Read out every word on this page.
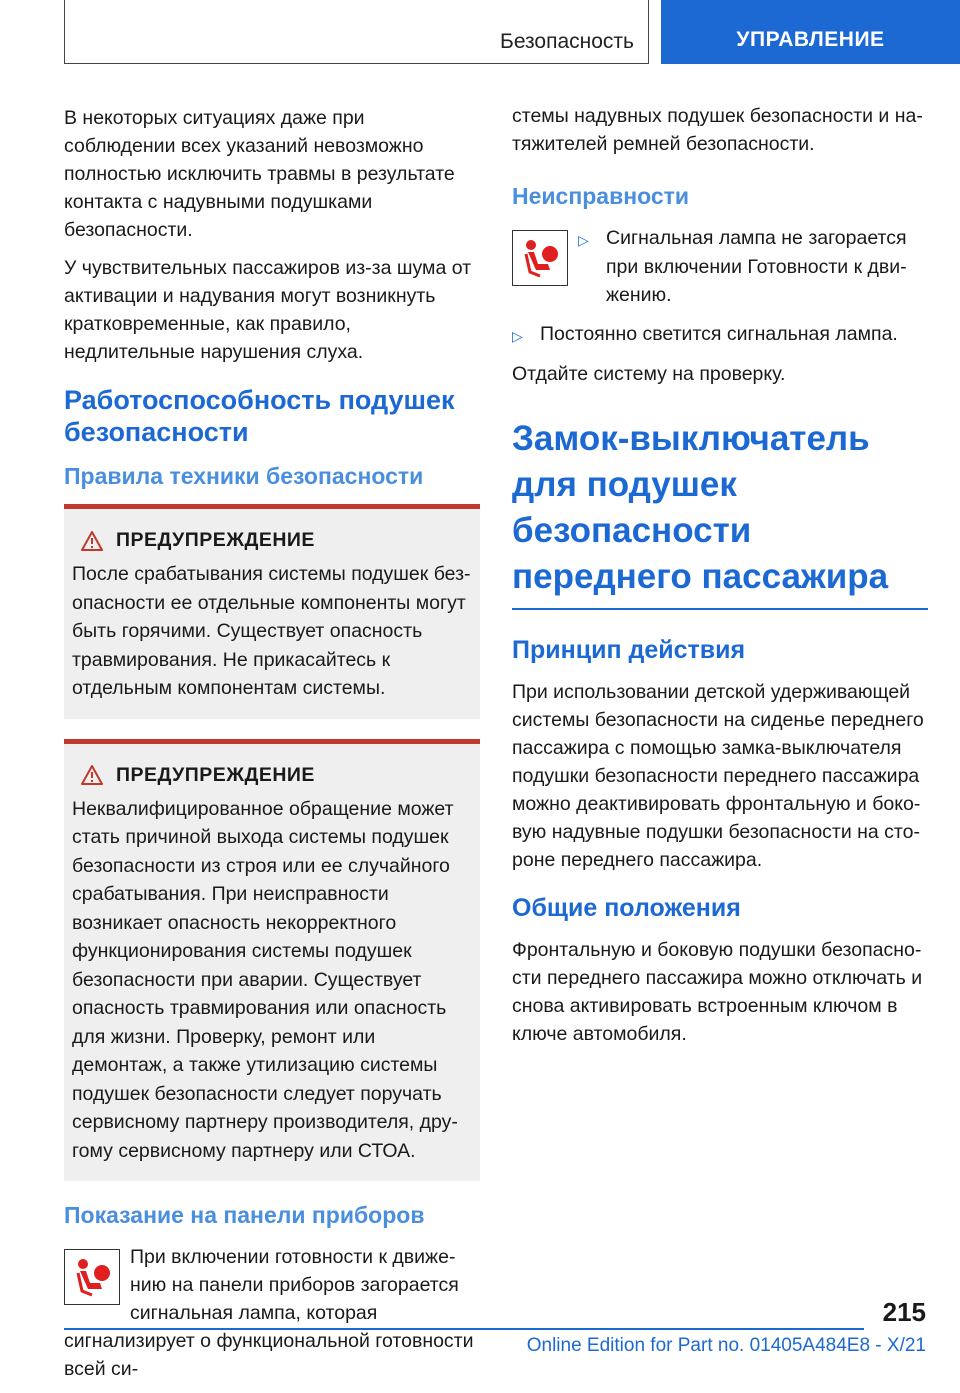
Безопасность	УПРАВЛЕНИЕ

В некоторых ситуациях даже при соблюдении всех указаний невозможно полностью исключить травмы в результате контакта с надувными подушками безопасности.

У чувствительных пассажиров из-за шума от активации и надувания могут возникнуть кратковременные, как правило, недлительные нарушения слуха.

Работоспособность подушек безопасности
Правила техники безопасности
ПРЕДУПРЕЖДЕНИЕ
После срабатывания системы подушек безопасности ее отдельные компоненты могут быть горячими. Существует опасность травмирования. Не прикасайтесь к отдельным компонентам системы.
ПРЕДУПРЕЖДЕНИЕ
Неквалифицированное обращение может стать причиной выхода системы подушек безопасности из строя или ее случайного срабатывания. При неисправности возникает опасность некорректного функционирования системы подушек безопасности при аварии. Существует опасность травмирования или опасность для жизни. Проверку, ремонт или демонтаж, а также утилизацию системы подушек безопасности следует поручать сервисному партнеру производителя, другому сервисному партнеру или СТОА.
Показание на панели приборов

При включении готовности к движению на панели приборов загорается сигнальная лампа, которая сигнализирует о функциональной готовности всей си-

стемы надувных подушек безопасности и натяжителей ремней безопасности.

Неисправности
▷ Сигнальная лампа не загорается при включении Готовности к движению.
▷ Постоянно светится сигнальная лампа.

Отдайте систему на проверку.

Замок-выключатель для подушек безопасности переднего пассажира
Принцип действия

При использовании детской удерживающей системы безопасности на сиденье переднего пассажира с помощью замка-выключателя подушки безопасности переднего пассажира можно деактивировать фронтальную и боковую надувные подушки безопасности на стороне переднего пассажира.

Общие положения

Фронтальную и боковую подушки безопасности переднего пассажира можно отключать и снова активировать встроенным ключом в ключе автомобиля.

215
Online Edition for Part no. 01405A484E8 - X/21
